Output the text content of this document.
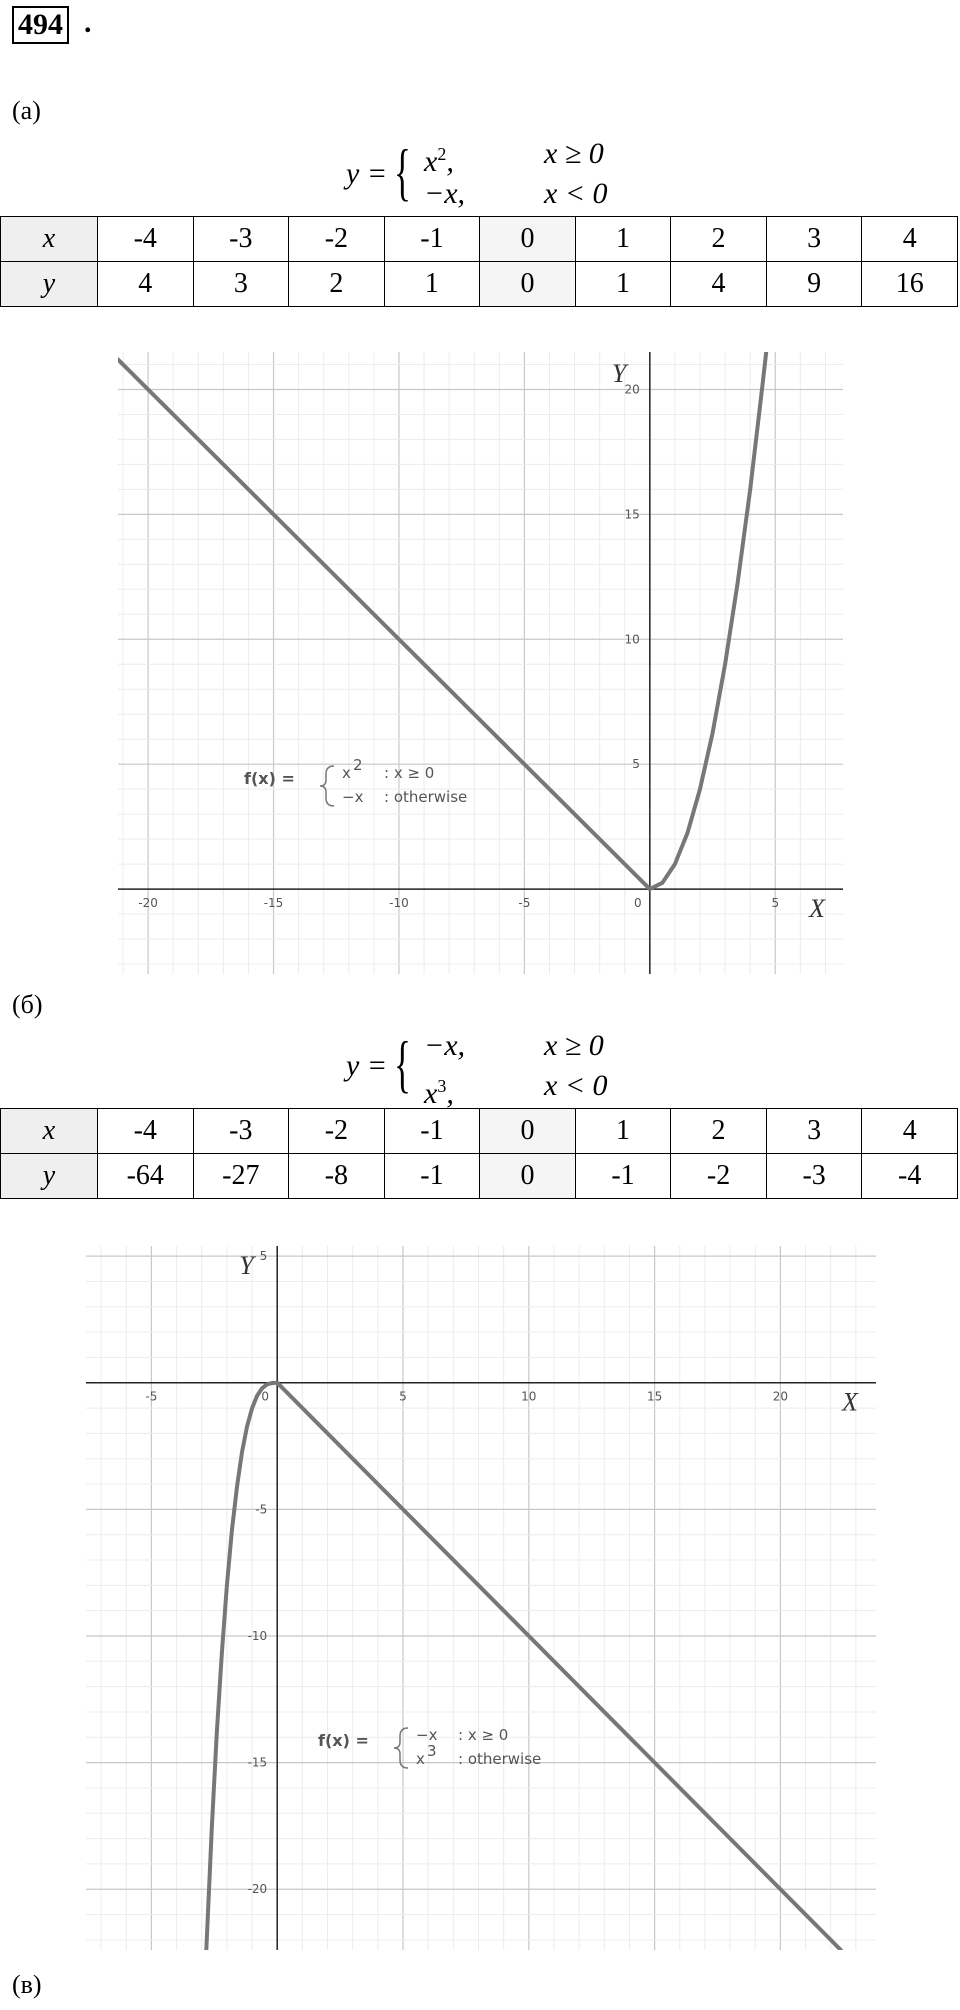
494 .
(а)
y = { $x^2$,	x ≥ 0
−x,	x < 0
x	-4	-3	-2	-1	0	1	2	3	4
y	4	3	2	1	0	1	4	9	16
-20	-15	-10	-5	0	5
5
10
15
20
X
Y
f(x) =	x 2 : x ≥ 0
−x : otherwise
(б)
y = { −x,	x ≥ 0
$x^3$,	x < 0
x	-4	-3	-2	-1	0	1	2	3	4
y	-64	-27	-8	-1	0	-1	-2	-3	-4
-5	0	5	10	15	20
5
-5
-10
-15
-20
X
Y
f(x) =	−x : x ≥ 0
x 3 : otherwise
(в)
